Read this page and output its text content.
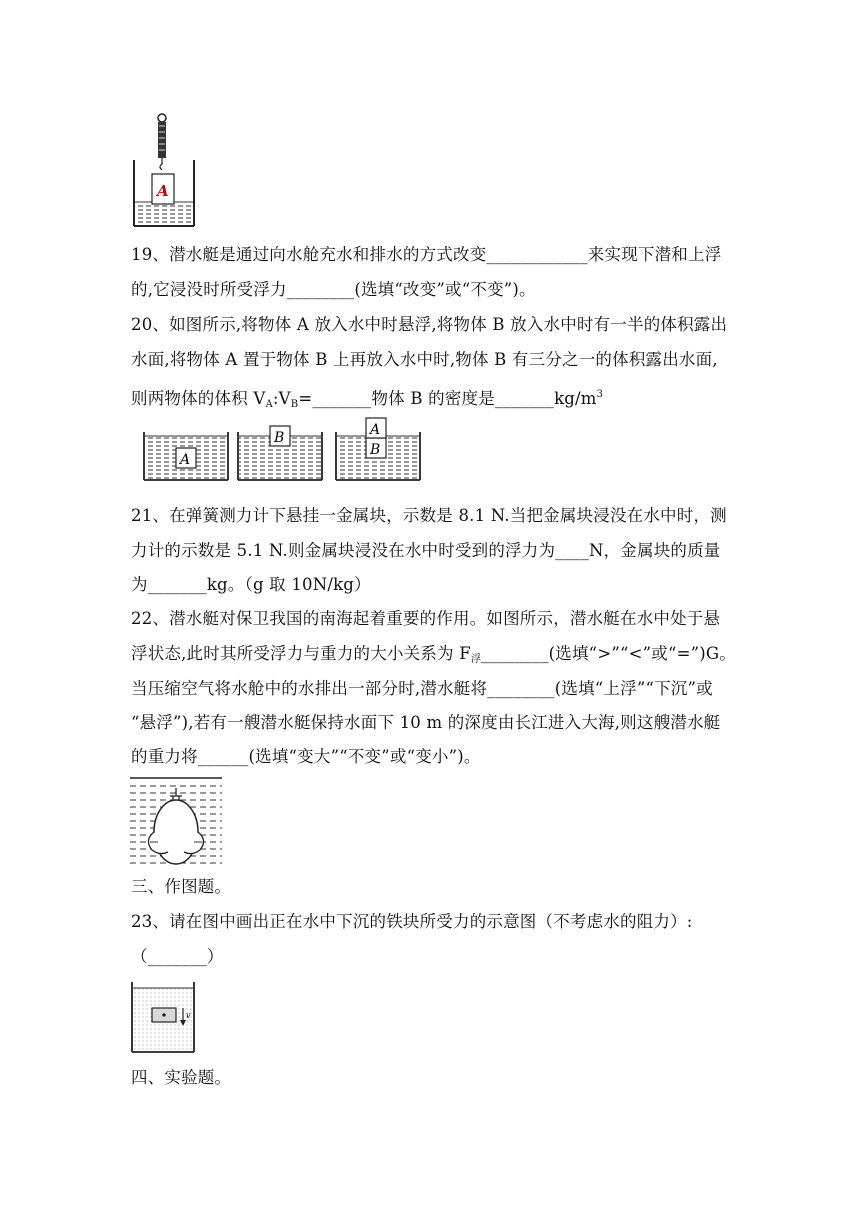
A
19、潜水艇是通过向水舱充水和排水的方式改变____________来实现下潜和上浮
的,它浸没时所受浮力________(选填“改变”或“不变”)。
20、如图所示,将物体 A 放入水中时悬浮,将物体 B 放入水中时有一半的体积露出
水面,将物体 A 置于物体 B 上再放入水中时,物体 B 有三分之一的体积露出水面,
则两物体的体积 $V_A:V_B=\_\_\_\_\_\_\_$物体 B 的密度是$\_\_\_\_\_\_\_kg/m^3$
A
B
B
A
21、在弹簧测力计下悬挂一金属块，示数是 8.1 N.当把金属块浸没在水中时，测
力计的示数是 5.1 N.则金属块浸没在水中时受到的浮力为____N，金属块的质量
为_______kg。（g 取 10N/kg）
22、潜水艇对保卫我国的南海起着重要的作用。如图所示，潜水艇在水中处于悬
浮状态,此时其所受浮力与重力的大小关系为 $F_浮\_\_\_\_\_\_\_\_$(选填“>”“<”或“=”)G。
当压缩空气将水舱中的水排出一部分时,潜水艇将________(选填“上浮”“下沉”或
“悬浮”),若有一艘潜水艇保持水面下 10 m 的深度由长江进入大海,则这艘潜水艇
的重力将______(选填“变大”“不变”或“变小”)。
三、作图题。
23、请在图中画出正在水中下沉的铁块所受力的示意图（不考虑水的阻力）:
（_______）
v
四、实验题。
